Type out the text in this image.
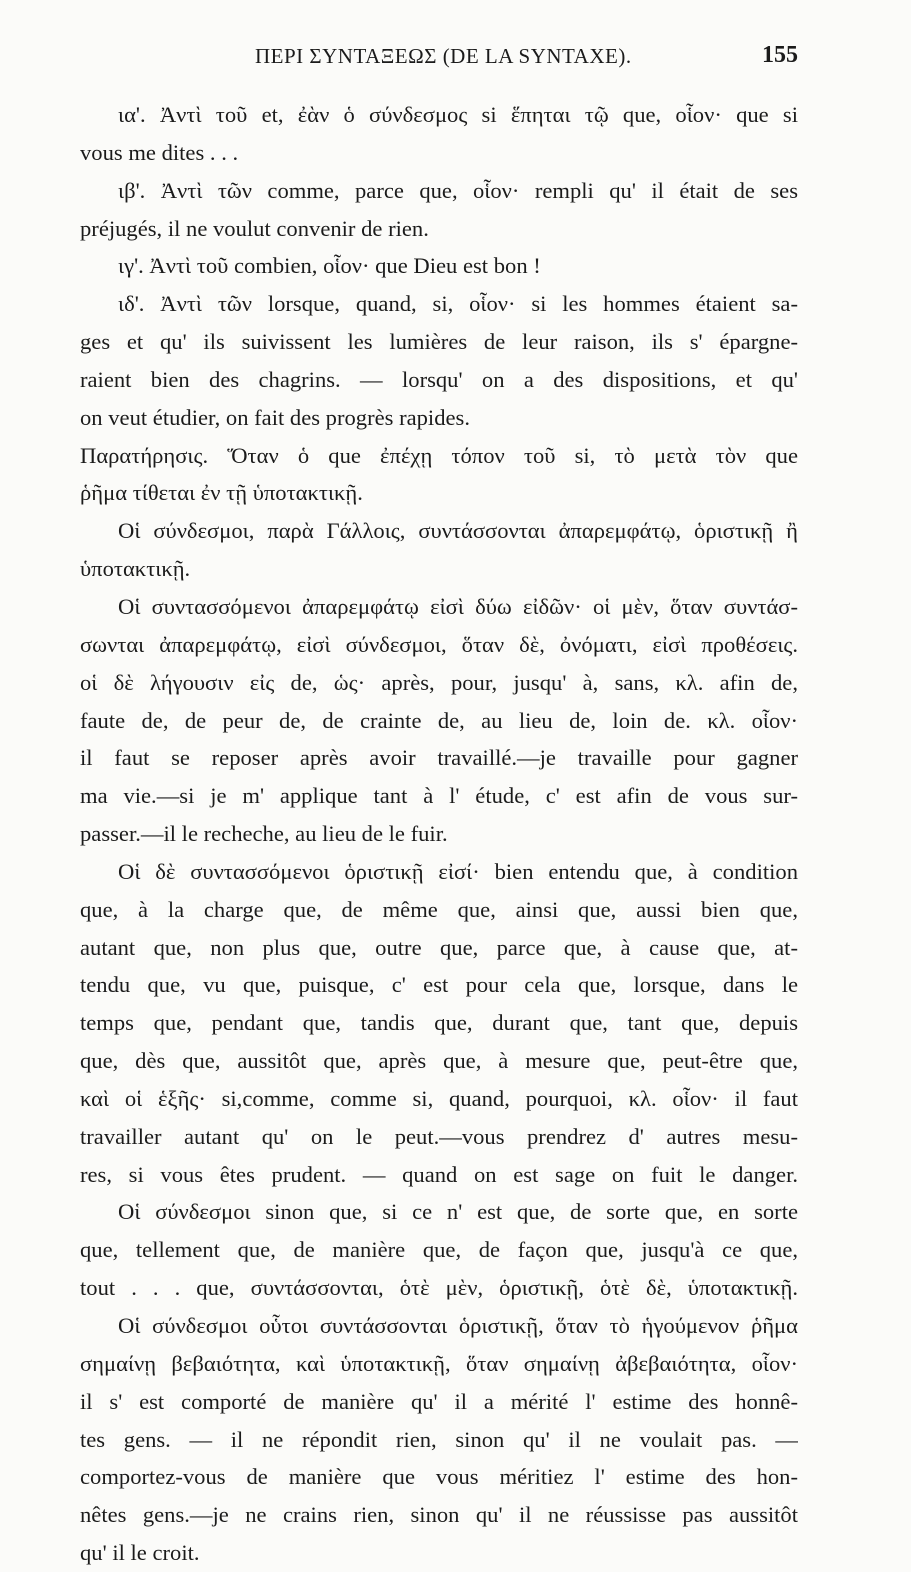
ΠΕΡΙ ΣΥΝΤΑΞΕΩΣ (DE LA SYNTAXE).	155
ια'. Ἀντὶ τοῦ et, ἐὰν ὁ σύνδεσμος si ἕπηται τῷ que, οἷον· que si
vous me dites . . .
ιβ'. Ἀντὶ τῶν comme, parce que, οἷον· rempli qu' il était de ses
préjugés, il ne voulut convenir de rien.
ιγ'. Ἀντὶ τοῦ combien, οἷον· que Dieu est bon !
ιδ'. Ἀντὶ τῶν lorsque, quand, si, οἷον· si les hommes étaient sa-
ges et qu' ils suivissent les lumières de leur raison, ils s' épargne-
raient bien des chagrins. — lorsqu' on a des dispositions, et qu'
on veut étudier, on fait des progrès rapides.
Παρατήρησις. Ὅταν ὁ que ἐπέχῃ τόπον τοῦ si, τὸ μετὰ τὸν que
ῥῆμα τίθεται ἐν τῇ ὑποτακτικῇ.
Οἱ σύνδεσμοι, παρὰ Γάλλοις, συντάσσονται ἀπαρεμφάτῳ, ὁριστικῇ ἢ
ὑποτακτικῇ.
Οἱ συντασσόμενοι ἀπαρεμφάτῳ εἰσὶ δύω εἰδῶν· οἱ μὲν, ὅταν συντάσ-
σωνται ἀπαρεμφάτῳ, εἰσὶ σύνδεσμοι, ὅταν δὲ, ὀνόματι, εἰσὶ προθέσεις.
οἱ δὲ λήγουσιν εἰς de, ὡς· après, pour, jusqu' à, sans, κλ. afin de,
faute de, de peur de, de crainte de, au lieu de, loin de. κλ. οἷον·
il faut se reposer après avoir travaillé.—je travaille pour gagner
ma vie.—si je m' applique tant à l' étude, c' est afin de vous sur-
passer.—il le recheche, au lieu de le fuir.
Οἱ δὲ συντασσόμενοι ὁριστικῇ εἰσί· bien entendu que, à condition
que, à la charge que, de même que, ainsi que, aussi bien que,
autant que, non plus que, outre que, parce que, à cause que, at-
tendu que, vu que, puisque, c' est pour cela que, lorsque, dans le
temps que, pendant que, tandis que, durant que, tant que, depuis
que, dès que, aussitôt que, après que, à mesure que, peut-être que,
καὶ οἱ ἑξῆς· si,comme, comme si, quand, pourquoi, κλ. οἷον· il faut
travailler autant qu' on le peut.—vous prendrez d' autres mesu-
res, si vous êtes prudent. — quand on est sage on fuit le danger.
Οἱ σύνδεσμοι sinon que, si ce n' est que, de sorte que, en sorte
que, tellement que, de manière que, de façon que, jusqu'à ce que,
tout . . . que, συντάσσονται, ὁτὲ μὲν, ὁριστικῇ, ὁτὲ δὲ, ὑποτακτικῇ.
Οἱ σύνδεσμοι οὗτοι συντάσσονται ὁριστικῇ, ὅταν τὸ ἡγούμενον ῥῆμα
σημαίνῃ βεβαιότητα, καὶ ὑποτακτικῇ, ὅταν σημαίνῃ ἀβεβαιότητα, οἷον·
il s' est comporté de manière qu' il a mérité l' estime des honnê-
tes gens. — il ne répondit rien, sinon qu' il ne voulait pas. —
comportez-vous de manière que vous méritiez l' estime des hon-
nêtes gens.—je ne crains rien, sinon qu' il ne réussisse pas aussitôt
qu' il le croit.
